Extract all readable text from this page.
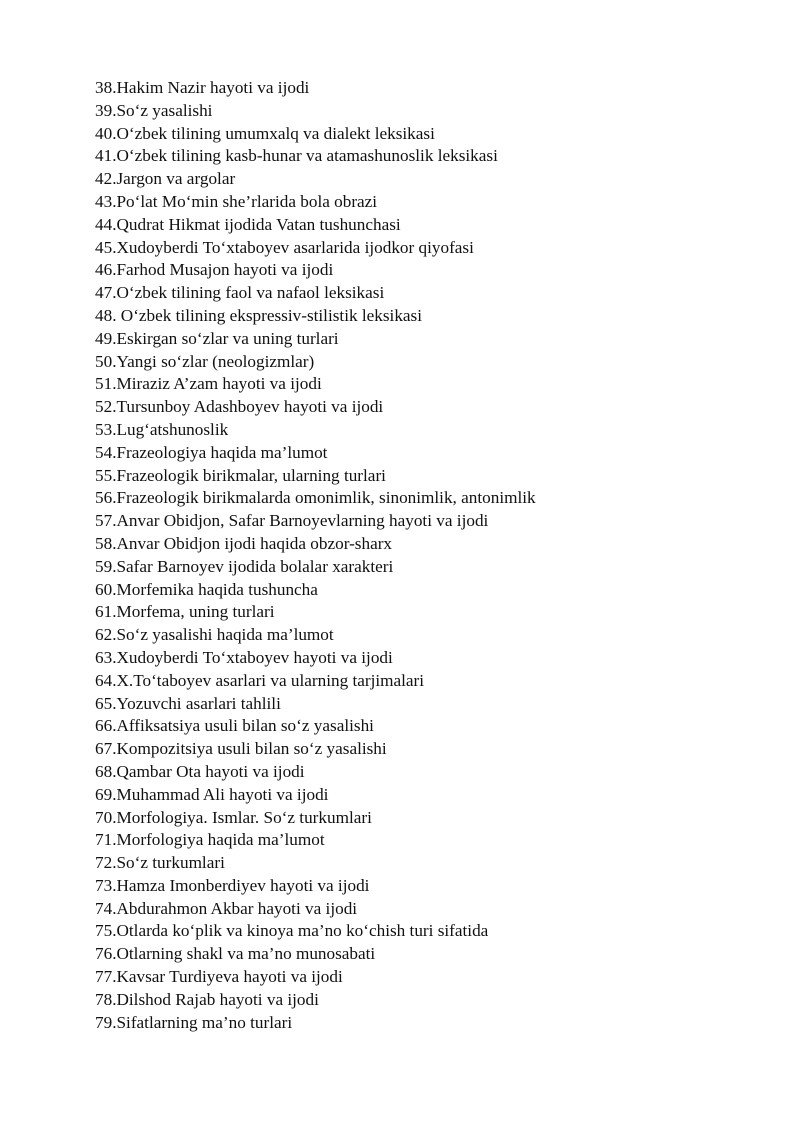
38.Hakim Nazir hayoti va ijodi
39.So‘z yasalishi
40.O‘zbek tilining umumxalq va dialekt leksikasi
41.O‘zbek tilining kasb-hunar va atamashunoslik leksikasi
42.Jargon va argolar
43.Po‘lat Mo‘min she’rlarida bola obrazi
44.Qudrat Hikmat ijodida Vatan tushunchasi
45.Xudoyberdi To‘xtaboyev asarlarida ijodkor qiyofasi
46.Farhod Musajon hayoti va ijodi
47.O‘zbek tilining faol va nafaol leksikasi
48. O‘zbek tilining ekspressiv-stilistik leksikasi
49.Eskirgan so‘zlar va uning turlari
50.Yangi so‘zlar (neologizmlar)
51.Miraziz A’zam hayoti va ijodi
52.Tursunboy Adashboyev hayoti va ijodi
53.Lug‘atshunoslik
54.Frazeologiya haqida ma’lumot
55.Frazeologik birikmalar, ularning turlari
56.Frazeologik birikmalarda omonimlik, sinonimlik, antonimlik
57.Anvar Obidjon, Safar Barnoyevlarning hayoti va ijodi
58.Anvar Obidjon ijodi haqida obzor-sharx
59.Safar Barnoyev ijodida bolalar xarakteri
60.Morfemika haqida tushuncha
61.Morfema, uning turlari
62.So‘z yasalishi haqida ma’lumot
63.Xudoyberdi To‘xtaboyev hayoti va ijodi
64.X.To‘taboyev asarlari va ularning tarjimalari
65.Yozuvchi asarlari tahlili
66.Affiksatsiya usuli bilan so‘z yasalishi
67.Kompozitsiya usuli bilan so‘z yasalishi
68.Qambar Ota hayoti va ijodi
69.Muhammad Ali hayoti va ijodi
70.Morfologiya. Ismlar. So‘z turkumlari
71.Morfologiya haqida ma’lumot
72.So‘z turkumlari
73.Hamza Imonberdiyev hayoti va ijodi
74.Abdurahmon Akbar hayoti va ijodi
75.Otlarda ko‘plik va kinoya ma’no ko‘chish turi sifatida
76.Otlarning shakl va ma’no munosabati
77.Kavsar Turdiyeva hayoti va ijodi
78.Dilshod Rajab hayoti va ijodi
79.Sifatlarning ma’no turlari
